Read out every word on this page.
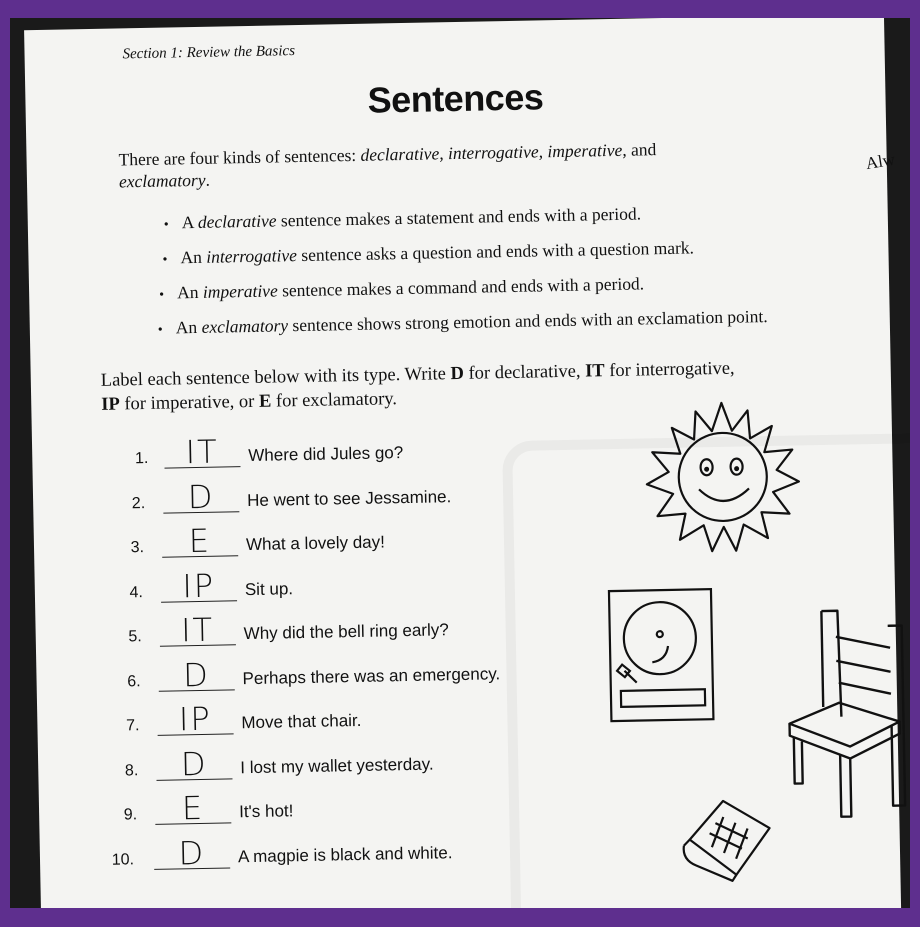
Section 1: Review the Basics
Sentences
There are four kinds of sentences: declarative, interrogative, imperative, and
exclamatory.
Alw
• A declarative sentence makes a statement and ends with a period.
• An interrogative sentence asks a question and ends with a question mark.
• An imperative sentence makes a command and ends with a period.
• An exclamatory sentence shows strong emotion and ends with an exclamation point.
Label each sentence below with its type. Write D for declarative, IT for interrogative,
IP for imperative, or E for exclamatory.
1.	IT	Where did Jules go?
2.	D	He went to see Jessamine.
3.	E	What a lovely day!
4.	IP	Sit up.
5.	IT	Why did the bell ring early?
6.	D	Perhaps there was an emergency.
7.	IP	Move that chair.
8.	D	I lost my wallet yesterday.
9.	E	It's hot!
10.	D	A magpie is black and white.
